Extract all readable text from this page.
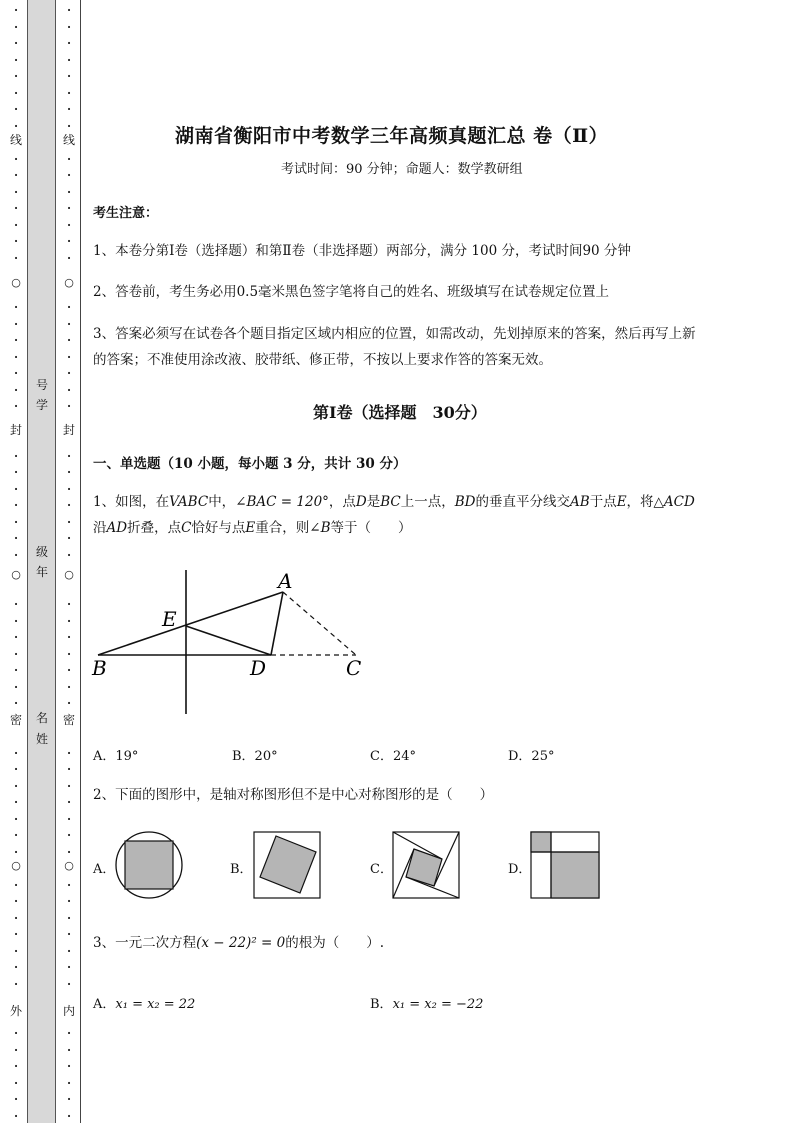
·
·
·
·
·
·
·
·
·
·
·
·
·
·
·
·
·
·
·
·
·
·
·
·
·
·
·
·
·
·
·
·
·
·
·
·
·
·
·
·
·
·
·
·
·
·
·
·
·
·
·
·
·
·
·
·
线
○
封
○
密
○
外
·
·
·
·
·
·
·
·
·
·
·
·
·
·
·
·
·
·
·
·
·
·
·
·
·
·
·
·
·
·
·
·
·
·
·
·
·
·
·
·
·
·
·
·
·
·
·
·
·
·
·
·
·
·
·
·
线
○
封
○
密
○
内
号
学
级
年
名
姓
湖南省衡阳市中考数学三年高频真题汇总 卷（Ⅱ）
考试时间：90 分钟；命题人：数学教研组
考生注意：
1、本卷分第Ⅰ卷（选择题）和第Ⅱ卷（非选择题）两部分，满分 100 分，考试时间90 分钟
2、答卷前，考生务必用0.5毫米黑色签字笔将自己的姓名、班级填写在试卷规定位置上
3、答案必须写在试卷各个题目指定区域内相应的位置，如需改动，先划掉原来的答案，然后再写上新
的答案；不准使用涂改液、胶带纸、修正带，不按以上要求作答的答案无效。
第Ⅰ卷（选择题　30分）
一、单选题（10 小题，每小题 3 分，共计 30 分）
1、如图，在VABC中，∠BAC = 120°，点D是BC上一点，BD的垂直平分线交AB于点E，将△ACD
沿AD折叠，点C恰好与点E重合，则∠B等于（　　）
A
B	C
D
E
A．19°	B．20°	C．24°	D．25°
2、下面的图形中，是轴对称图形但不是中心对称图形的是（　　）
A．	B．	C．	D．
3、一元二次方程(x − 22)² = 0的根为（　　）.
A．x₁ = x₂ = 22	B．x₁ = x₂ = −22
